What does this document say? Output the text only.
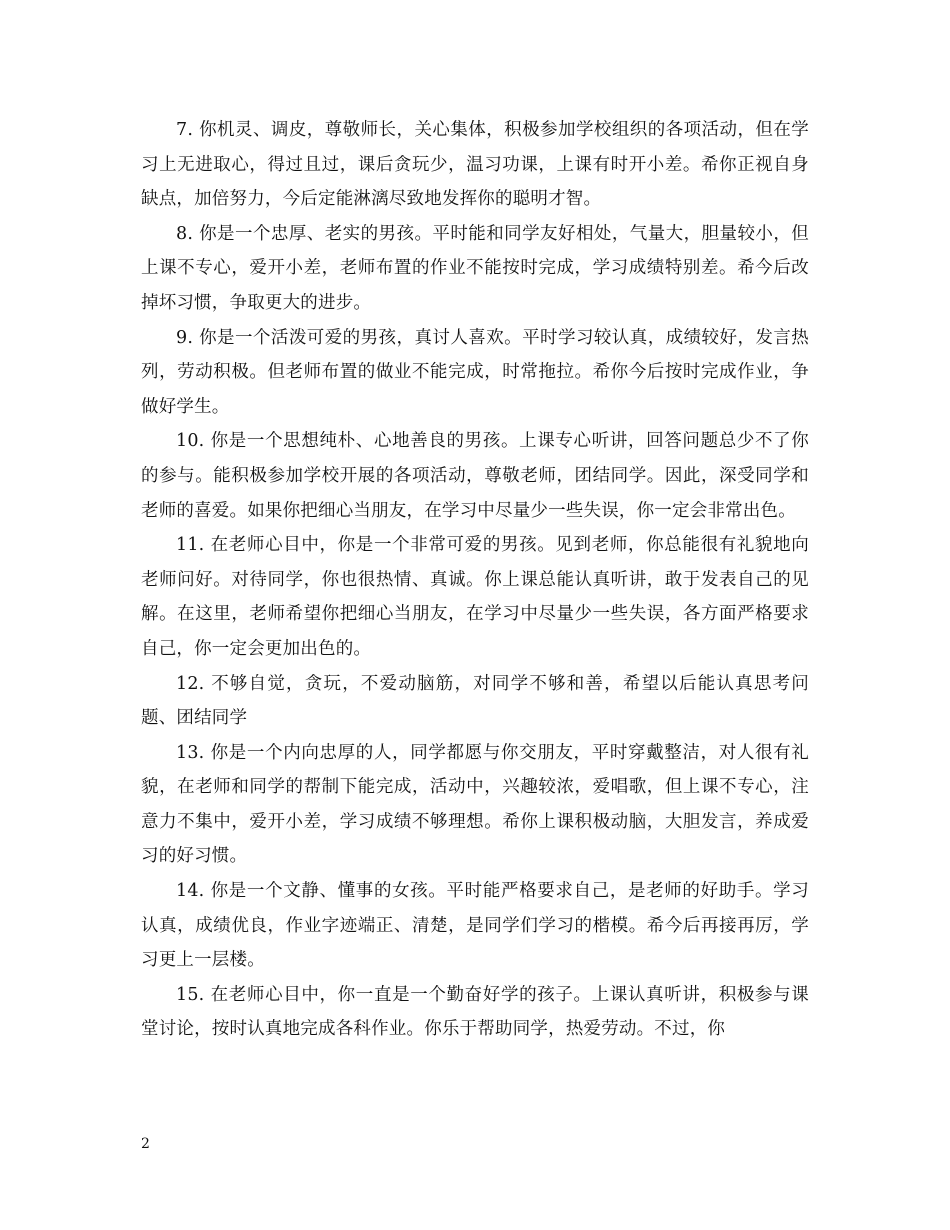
7. 你机灵、调皮，尊敬师长，关心集体，积极参加学校组织的各项活动，但在学习上无进取心，得过且过，课后贪玩少，温习功课，上课有时开小差。希你正视自身缺点，加倍努力，今后定能淋漓尽致地发挥你的聪明才智。

8. 你是一个忠厚、老实的男孩。平时能和同学友好相处，气量大，胆量较小，但上课不专心，爱开小差，老师布置的作业不能按时完成，学习成绩特别差。希今后改掉坏习惯，争取更大的进步。

9. 你是一个活泼可爱的男孩，真讨人喜欢。平时学习较认真，成绩较好，发言热列，劳动积极。但老师布置的做业不能完成，时常拖拉。希你今后按时完成作业，争做好学生。

10. 你是一个思想纯朴、心地善良的男孩。上课专心听讲，回答问题总少不了你的参与。能积极参加学校开展的各项活动，尊敬老师，团结同学。因此，深受同学和老师的喜爱。如果你把细心当朋友，在学习中尽量少一些失误，你一定会非常出色。

11. 在老师心目中，你是一个非常可爱的男孩。见到老师，你总能很有礼貌地向老师问好。对待同学，你也很热情、真诚。你上课总能认真听讲，敢于发表自己的见解。在这里，老师希望你把细心当朋友，在学习中尽量少一些失误，各方面严格要求自己，你一定会更加出色的。

12. 不够自觉，贪玩，不爱动脑筋，对同学不够和善，希望以后能认真思考问题、团结同学

13. 你是一个内向忠厚的人，同学都愿与你交朋友，平时穿戴整洁，对人很有礼貌，在老师和同学的帮制下能完成，活动中，兴趣较浓，爱唱歌，但上课不专心，注意力不集中，爱开小差，学习成绩不够理想。希你上课积极动脑，大胆发言，养成爱习的好习惯。

14. 你是一个文静、懂事的女孩。平时能严格要求自己，是老师的好助手。学习认真，成绩优良，作业字迹端正、清楚，是同学们学习的楷模。希今后再接再厉，学习更上一层楼。

15. 在老师心目中，你一直是一个勤奋好学的孩子。上课认真听讲，积极参与课堂讨论，按时认真地完成各科作业。你乐于帮助同学，热爱劳动。不过，你

2
